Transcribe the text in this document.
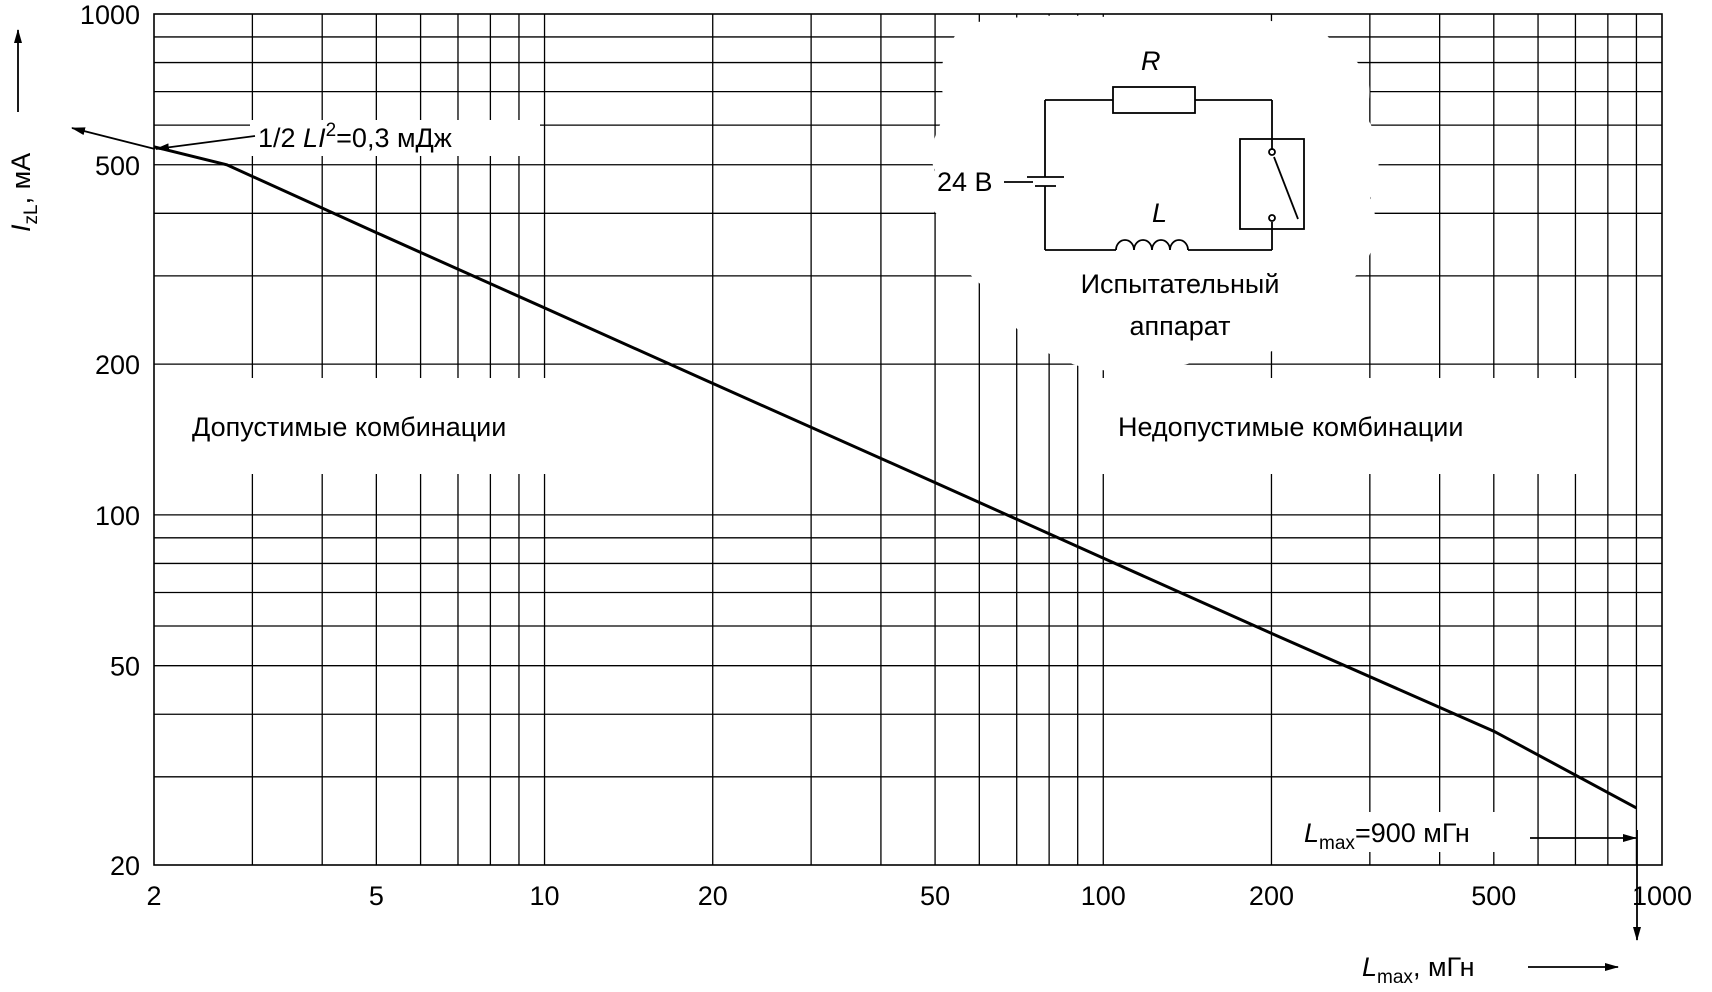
2	5	10	20	50	100	200	500	1000
20
50
100
200
500
1000
$I_{zL}$, мА
$L_{max}$, мГн
1/2 $LI^2=0,3$ мДж
$L_{max}=900$ мГн
Допустимые комбинации	Недопустимые комбинации
R
24 В
L
Испытательный
аппарат
